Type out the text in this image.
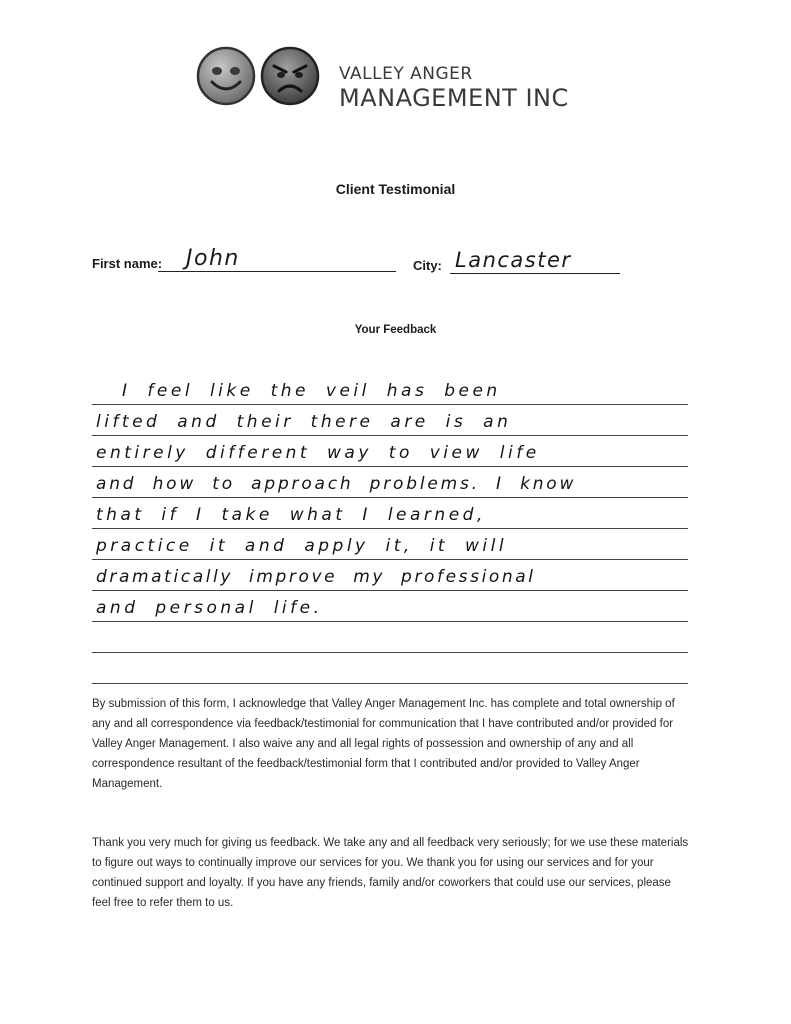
VALLEY ANGER
MANAGEMENT INC
Client Testimonial
First name: John	City: Lancaster
Your Feedback
I feel like the veil has been
lifted and their there are is an
entirely different way to view life
and how to approach problems. I know
that if I take what I learned,
practice it and apply it, it will
dramatically improve my professional
and personal life.
By submission of this form, I acknowledge that Valley Anger Management Inc. has complete and total ownership of any and all correspondence via feedback/testimonial for communication that I have contributed and/or provided for Valley Anger Management. I also waive any and all legal rights of possession and ownership of any and all correspondence resultant of the feedback/testimonial form that I contributed and/or provided to Valley Anger Management.
Thank you very much for giving us feedback. We take any and all feedback very seriously; for we use these materials to figure out ways to continually improve our services for you. We thank you for using our services and for your continued support and loyalty. If you have any friends, family and/or coworkers that could use our services, please feel free to refer them to us.
